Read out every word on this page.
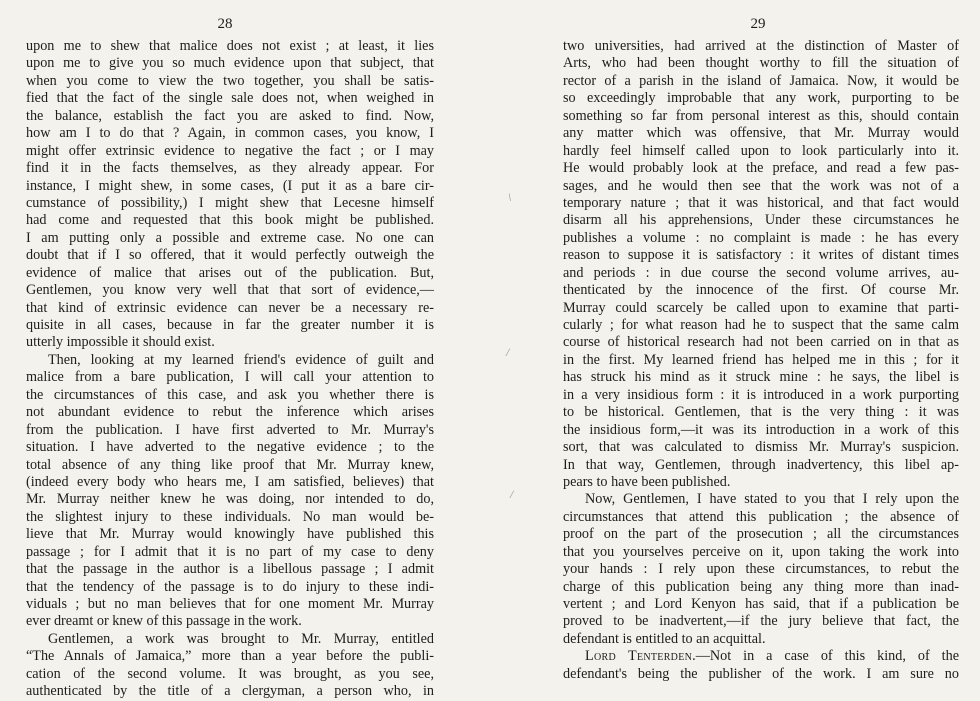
28
upon me to shew that malice does not exist ; at least, it lies
upon me to give you so much evidence upon that subject, that
when you come to view the two together, you shall be satis-
fied that the fact of the single sale does not, when weighed in
the balance, establish the fact you are asked to find. Now,
how am I to do that ? Again, in common cases, you know, I
might offer extrinsic evidence to negative the fact ; or I may
find it in the facts themselves, as they already appear. For
instance, I might shew, in some cases, (I put it as a bare cir-
cumstance of possibility,) I might shew that Lecesne himself
had come and requested that this book might be published.
I am putting only a possible and extreme case. No one can
doubt that if I so offered, that it would perfectly outweigh the
evidence of malice that arises out of the publication. But,
Gentlemen, you know very well that that sort of evidence,—
that kind of extrinsic evidence can never be a necessary re-
quisite in all cases, because in far the greater number it is
utterly impossible it should exist.
Then, looking at my learned friend's evidence of guilt and
malice from a bare publication, I will call your attention to
the circumstances of this case, and ask you whether there is
not abundant evidence to rebut the inference which arises
from the publication. I have first adverted to Mr. Murray's
situation. I have adverted to the negative evidence ; to the
total absence of any thing like proof that Mr. Murray knew,
(indeed every body who hears me, I am satisfied, believes) that
Mr. Murray neither knew he was doing, nor intended to do,
the slightest injury to these individuals. No man would be-
lieve that Mr. Murray would knowingly have published this
passage ; for I admit that it is no part of my case to deny
that the passage in the author is a libellous passage ; I admit
that the tendency of the passage is to do injury to these indi-
viduals ; but no man believes that for one moment Mr. Murray
ever dreamt or knew of this passage in the work.
Gentlemen, a work was brought to Mr. Murray, entitled
“The Annals of Jamaica,” more than a year before the publi-
cation of the second volume. It was brought, as you see,
authenticated by the title of a clergyman, a person who, in
29
two universities, had arrived at the distinction of Master of
Arts, who had been thought worthy to fill the situation of
rector of a parish in the island of Jamaica. Now, it would be
so exceedingly improbable that any work, purporting to be
something so far from personal interest as this, should contain
any matter which was offensive, that Mr. Murray would
hardly feel himself called upon to look particularly into it.
He would probably look at the preface, and read a few pas-
sages, and he would then see that the work was not of a
temporary nature ; that it was historical, and that fact would
disarm all his apprehensions, Under these circumstances he
publishes a volume : no complaint is made : he has every
reason to suppose it is satisfactory : it writes of distant times
and periods : in due course the second volume arrives, au-
thenticated by the innocence of the first. Of course Mr.
Murray could scarcely be called upon to examine that parti-
cularly ; for what reason had he to suspect that the same calm
course of historical research had not been carried on in that as
in the first. My learned friend has helped me in this ; for it
has struck his mind as it struck mine : he says, the libel is
in a very insidious form : it is introduced in a work purporting
to be historical. Gentlemen, that is the very thing : it was
the insidious form,—it was its introduction in a work of this
sort, that was calculated to dismiss Mr. Murray's suspicion.
In that way, Gentlemen, through inadvertency, this libel ap-
pears to have been published.
Now, Gentlemen, I have stated to you that I rely upon the
circumstances that attend this publication ; the absence of
proof on the part of the prosecution ; all the circumstances
that you yourselves perceive on it, upon taking the work into
your hands : I rely upon these circumstances, to rebut the
charge of this publication being any thing more than inad-
vertent ; and Lord Kenyon has said, that if a publication be
proved to be inadvertent,—if the jury believe that fact, the
defendant is entitled to an acquittal.
Lord Tenterden.—Not in a case of this kind, of the
defendant's being the publisher of the work. I am sure no
\
/
/
